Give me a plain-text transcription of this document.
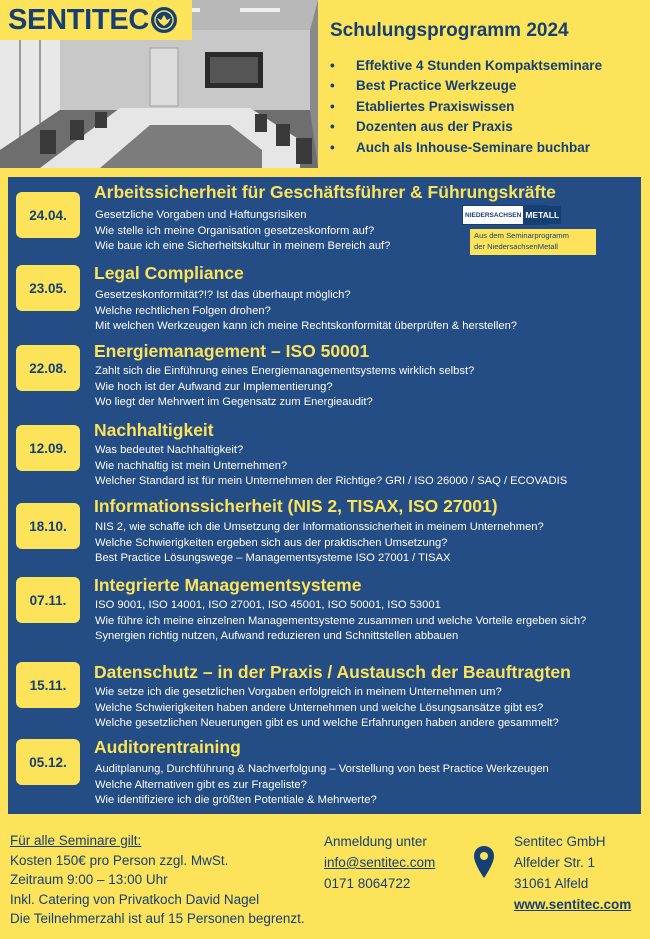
SENTITEC	Schulungsprogramm 2024
•	Effektive 4 Stunden Kompaktseminare
•	Best Practice Werkzeuge
•	Etabliertes Praxiswissen
•	Dozenten aus der Praxis
•	Auch als Inhouse-Seminare buchbar
24.04.
Arbeitssicherheit für Geschäftsführer & Führungskräfte
Gesetzliche Vorgaben und Haftungsrisiken
Wie stelle ich meine Organisation gesetzeskonform auf?
Wie baue ich eine Sicherheitskultur in meinem Bereich auf?
NIEDERSACHSEN METALL
Aus dem Seminarprogramm
der NiedersachsenMetall
23.05.
Legal Compliance
Gesetzeskonformität?!? Ist das überhaupt möglich?
Welche rechtlichen Folgen drohen?
Mit welchen Werkzeugen kann ich meine Rechtskonformität überprüfen & herstellen?
22.08.
Energiemanagement – ISO 50001
Zahlt sich die Einführung eines Energiemanagementsystems wirklich selbst?
Wie hoch ist der Aufwand zur Implementierung?
Wo liegt der Mehrwert im Gegensatz zum Energieaudit?
12.09.
Nachhaltigkeit
Was bedeutet Nachhaltigkeit?
Wie nachhaltig ist mein Unternehmen?
Welcher Standard ist für mein Unternehmen der Richtige? GRI / ISO 26000 / SAQ / ECOVADIS
18.10.
Informationssicherheit (NIS 2, TISAX, ISO 27001)
NIS 2, wie schaffe ich die Umsetzung der Informationssicherheit in meinem Unternehmen?
Welche Schwierigkeiten ergeben sich aus der praktischen Umsetzung?
Best Practice Lösungswege – Managementsysteme ISO 27001 / TISAX
07.11.
Integrierte Managementsysteme
ISO 9001, ISO 14001, ISO 27001, ISO 45001, ISO 50001, ISO 53001
Wie führe ich meine einzelnen Managementsysteme zusammen und welche Vorteile ergeben sich?
Synergien richtig nutzen, Aufwand reduzieren und Schnittstellen abbauen
15.11.
Datenschutz – in der Praxis / Austausch der Beauftragten
Wie setze ich die gesetzlichen Vorgaben erfolgreich in meinem Unternehmen um?
Welche Schwierigkeiten haben andere Unternehmen und welche Lösungsansätze gibt es?
Welche gesetzlichen Neuerungen gibt es und welche Erfahrungen haben andere gesammelt?
05.12.
Auditorentraining
Auditplanung, Durchführung & Nachverfolgung – Vorstellung von best Practice Werkzeugen
Welche Alternativen gibt es zur Frageliste?
Wie identifiziere ich die größten Potentiale & Mehrwerte?
Für alle Seminare gilt:
Kosten 150€ pro Person zzgl. MwSt.
Zeitraum 9:00 – 13:00 Uhr
Inkl. Catering von Privatkoch David Nagel
Die Teilnehmerzahl ist auf 15 Personen begrenzt.
Anmeldung unter
info@sentitec.com
0171 8064722
Sentitec GmbH
Alfelder Str. 1
31061 Alfeld
www.sentitec.com
